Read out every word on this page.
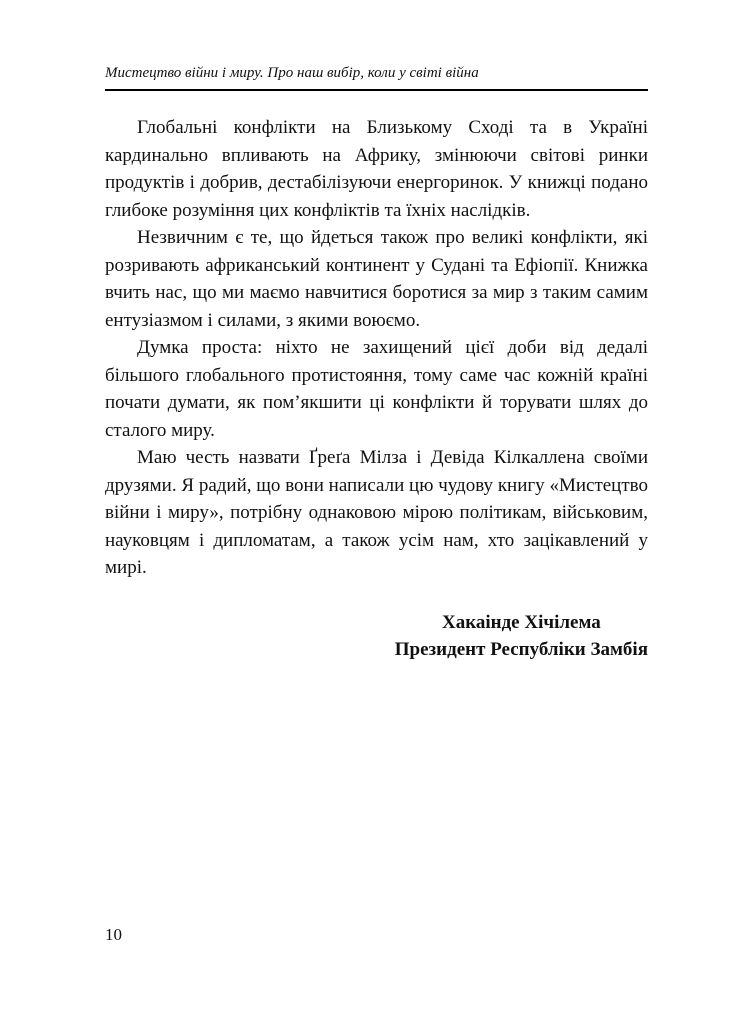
Мистецтво війни і миру. Про наш вибір, коли у світі війна

Глобальні конфлікти на Близькому Сході та в Україні кардинально впливають на Африку, змінюючи світові ринки продуктів і добрив, дестабілізуючи енергоринок. У книжці подано глибоке розуміння цих конфліктів та їхніх наслідків.

Незвичним є те, що йдеться також про великі конфлікти, які розривають африканський континент у Судані та Ефіопії. Книжка вчить нас, що ми маємо навчитися боротися за мир з таким самим ентузіазмом і силами, з якими воюємо.

Думка проста: ніхто не захищений цієї доби від дедалі більшого глобального протистояння, тому саме час кожній країні почати думати, як пом’якшити ці конфлікти й торувати шлях до сталого миру.

Маю честь назвати Ґреґа Мілза і Девіда Кілкаллена своїми друзями. Я радий, що вони написали цю чудову книгу «Мистецтво війни і миру», потрібну однаковою мірою політикам, військовим, науковцям і дипломатам, а також усім нам, хто зацікавлений у мирі.

Хакаінде Хічілема
Президент Республіки Замбія
10
